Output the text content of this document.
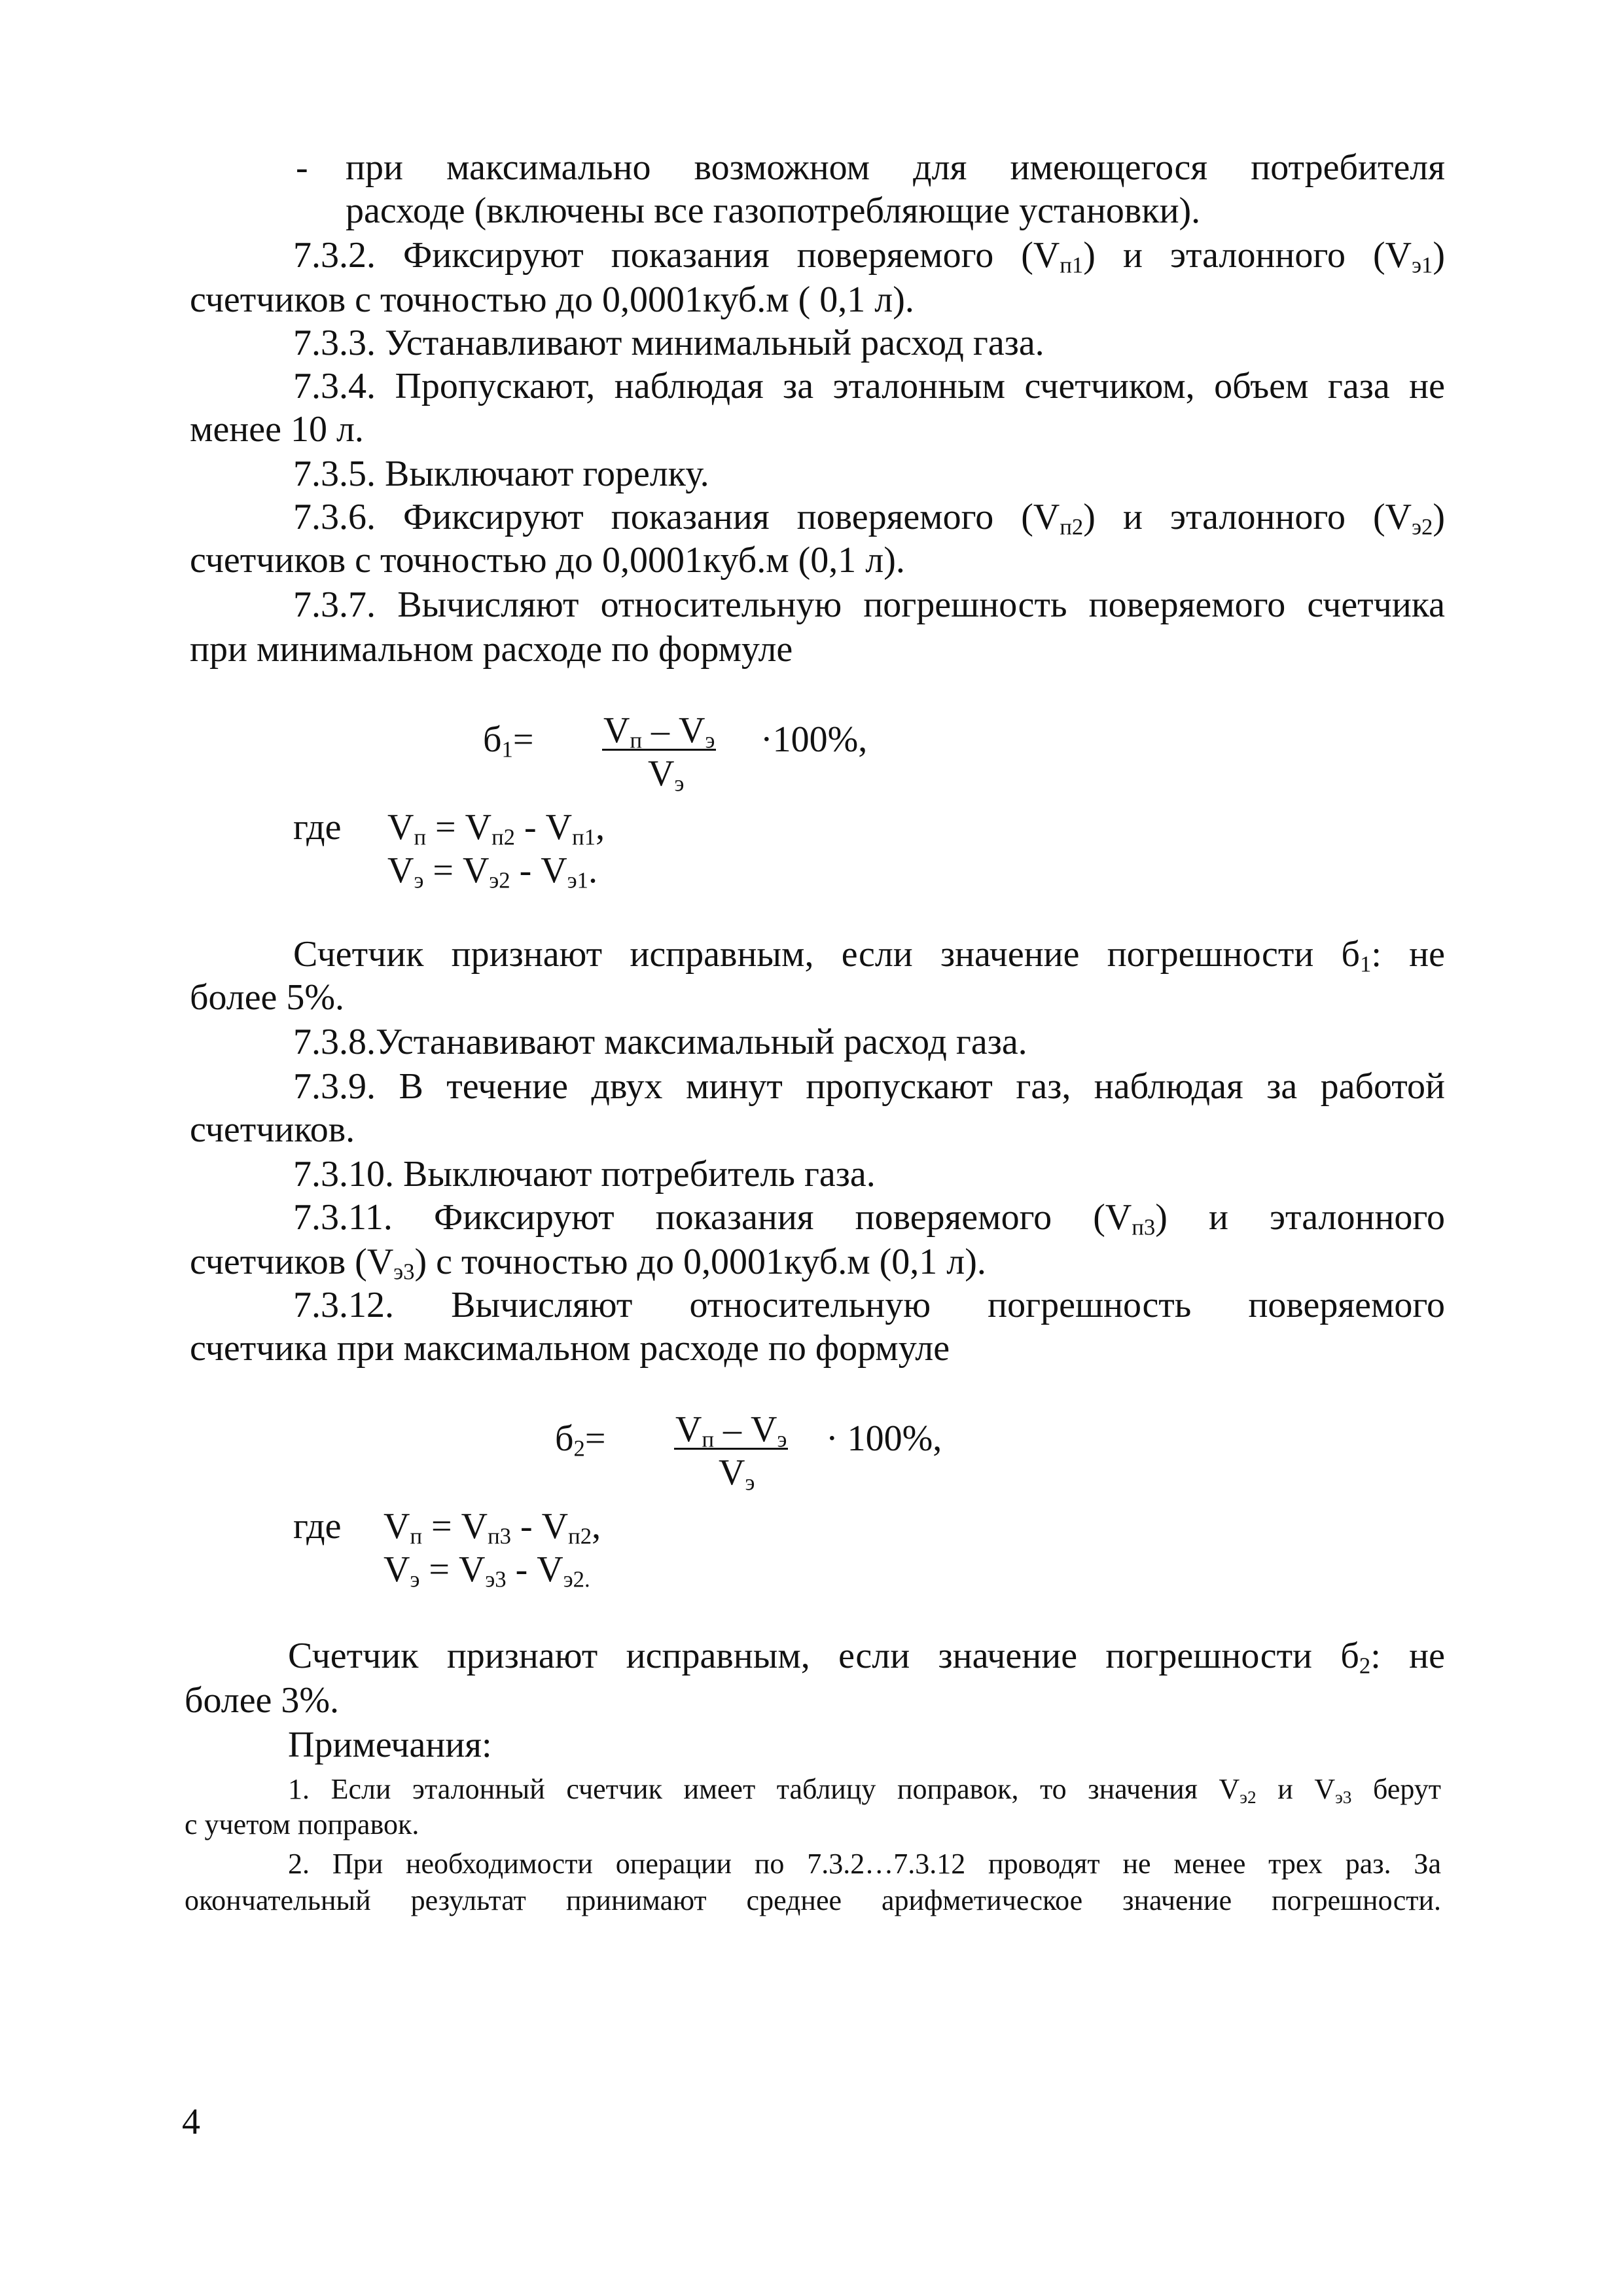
- при максимально возможном для имеющегося потребителя
расходе (включены все газопотребляющие установки).
7.3.2. Фиксируют показания поверяемого $(V_{п1})$ и эталонного $(V_{э1})$
счетчиков с точностью до 0,0001куб.м ( 0,1 л).
7.3.3. Устанавливают минимальный расход газа.
7.3.4. Пропускают, наблюдая за эталонным счетчиком, объем газа не
менее 10 л.
7.3.5. Выключают горелку.
7.3.6. Фиксируют показания поверяемого $(V_{п2})$ и эталонного $(V_{э2})$
счетчиков с точностью до 0,0001куб.м (0,1 л).
7.3.7. Вычисляют относительную погрешность поверяемого счетчика
при минимальном расходе по формуле
$б_1= V_п - V_э$
$V_э$
·100%,
где $V_п = V_{п2} - V_{п1}$,
$V_э = V_{э2} - V_{э1}$.
Счетчик признают исправным, если значение погрешности $б_1$: не
более 5%.
7.3.8.Устанавивают максимальный расход газа.
7.3.9. В течение двух минут пропускают газ, наблюдая за работой
счетчиков.
7.3.10. Выключают потребитель газа.
7.3.11. Фиксируют показания поверяемого $(V_{п3})$ и эталонного
счетчиков $(V_{э3})$ с точностью до 0,0001куб.м (0,1 л).
7.3.12. Вычисляют относительную погрешность поверяемого
счетчика при максимальном расходе по формуле
$б_2= V_п - V_э$
$V_э$
· 100%,
где $V_п = V_{п3} - V_{п2}$,
$V_э = V_{э3} - V_{э2.}$
Счетчик признают исправным, если значение погрешности $б_2$: не
более 3%.
Примечания:
1. Если эталонный счетчик имеет таблицу поправок, то значения $V_{э2}$ и $V_{э3}$ берут
с учетом поправок.
2. При необходимости операции по 7.3.2…7.3.12 проводят не менее трех раз. За
окончательный результат принимают среднее арифметическое значение погрешности.
4
